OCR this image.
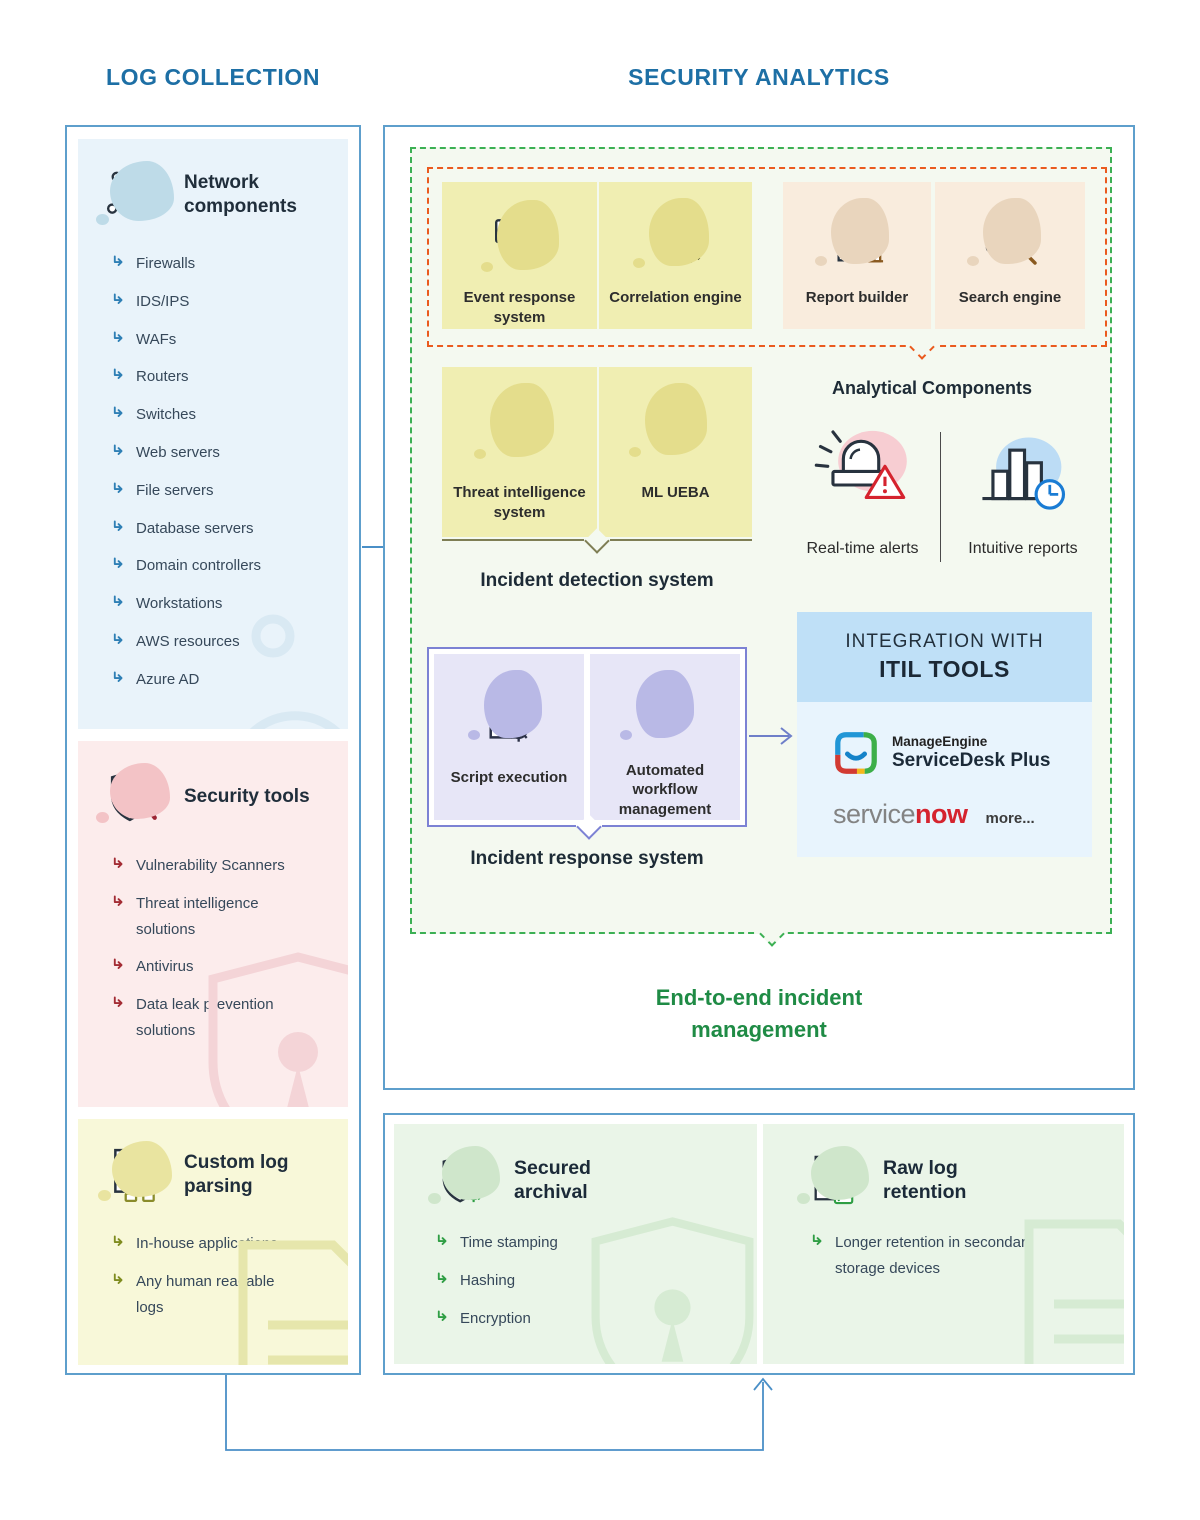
LOG COLLECTION	SECURITY ANALYTICS
Network components
Firewalls
IDS/IPS
WAFs
Routers
Switches
Web servers
File servers
Database servers
Domain controllers
Workstations
AWS resources
Azure AD
Security tools
Vulnerability Scanners
Threat intelligence solutions
Antivirus
Data leak prevention solutions
Custom log parsing
In-house applications
Any human readable logs
Event response system
Correlation engine	Report builder	Search engine
Threat intelligence system
ML UEBA
Incident detection system
Analytical Components
Real-time alerts	Intuitive reports
Script execution	Automated workflow management
Incident response system
INTEGRATION WITH
ITIL TOOLS
ManageEngine
ServiceDesk Plus
service now more...
End-to-end incident management
Secured archival
Time stamping
Hashing
Encryption
Raw log retention
Longer retention in secondary storage devices
